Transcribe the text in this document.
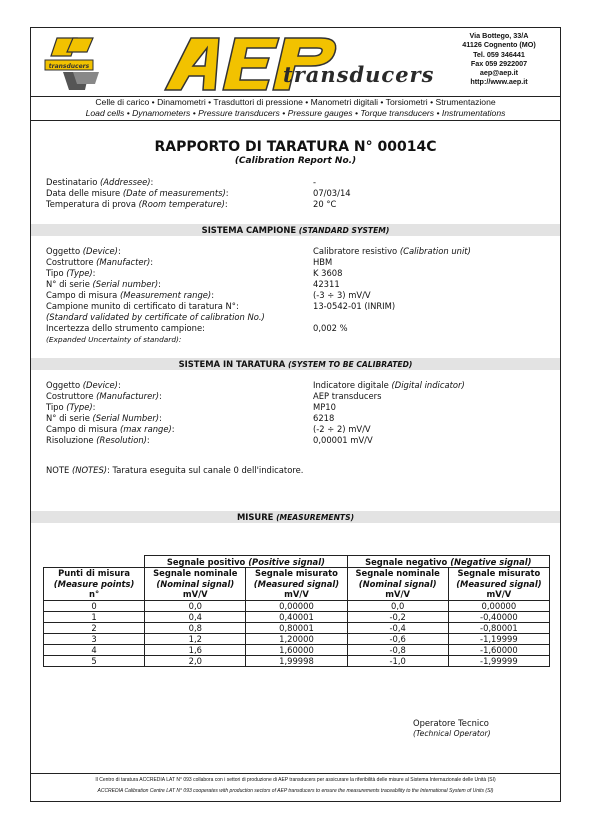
transducers	transducers
Via Bottego, 33/A
41126 Cognento (MO)
Tel. 059 346441
Fax 059 2922007
aep@aep.it
http://www.aep.it
Celle di carico • Dinamometri • Trasduttori di pressione • Manometri digitali • Torsiometri • Strumentazione
Load cells • Dynamometers • Pressure transducers • Pressure gauges • Torque transducers • Instrumentations
RAPPORTO DI TARATURA N° 00014C
(Calibration Report No.)
Destinatario (Addressee):	-
Data delle misure (Date of measurements):	07/03/14
Temperatura di prova (Room temperature):	20 °C
SISTEMA CAMPIONE (STANDARD SYSTEM)
Oggetto (Device):	Calibratore resistivo (Calibration unit)
Costruttore (Manufacter):	HBM
Tipo (Type):	K 3608
N° di serie (Serial number):	42311
Campo di misura (Measurement range):	(-3 ÷ 3) mV/V
Campione munito di certificato di taratura N°:	13-0542-01 (INRIM)
(Standard validated by certificate of calibration No.)
Incertezza dello strumento campione:	0,002 %
(Expanded Uncertainty of standard):
SISTEMA IN TARATURA (SYSTEM TO BE CALIBRATED)
Oggetto (Device):	Indicatore digitale (Digital indicator)
Costruttore (Manufacturer):	AEP transducers
Tipo (Type):	MP10
N° di serie (Serial Number):	6218
Campo di misura (max range):	(-2 ÷ 2) mV/V
Risoluzione (Resolution):	0,00001 mV/V
NOTE (NOTES): Taratura eseguita sul canale 0 dell'indicatore.
MISURE (MEASUREMENTS)
	Segnale positivo (Positive signal)		Segnale negativo (Negative signal)	
Punti di misura
(Measure points)
n°	Segnale nominale
(Nominal signal)
mV/V	Segnale misurato
(Measured signal)
mV/V	Segnale nominale
(Nominal signal)
mV/V	Segnale misurato
(Measured signal)
mV/V
0	0,0	0,00000	0,0	0,00000
1	0,4	0,40001	-0,2	-0,40000
2	0,8	0,80001	-0,4	-0,80001
3	1,2	1,20000	-0,6	-1,19999
4	1,6	1,60000	-0,8	-1,60000
5	2,0	1,99998	-1,0	-1,99999
Operatore Tecnico
(Technical Operator)
Il Centro di taratura ACCREDIA LAT N° 093 collabora con i settori di produzione di AEP transducers per assicurare la riferibilità delle misure al Sistema Internazionale delle Unità (SI)
ACCREDIA Calibration Centre LAT N° 093 cooperates with production sectors of AEP transducers to ensure the measurements traceability to the International System of Units (SI)
